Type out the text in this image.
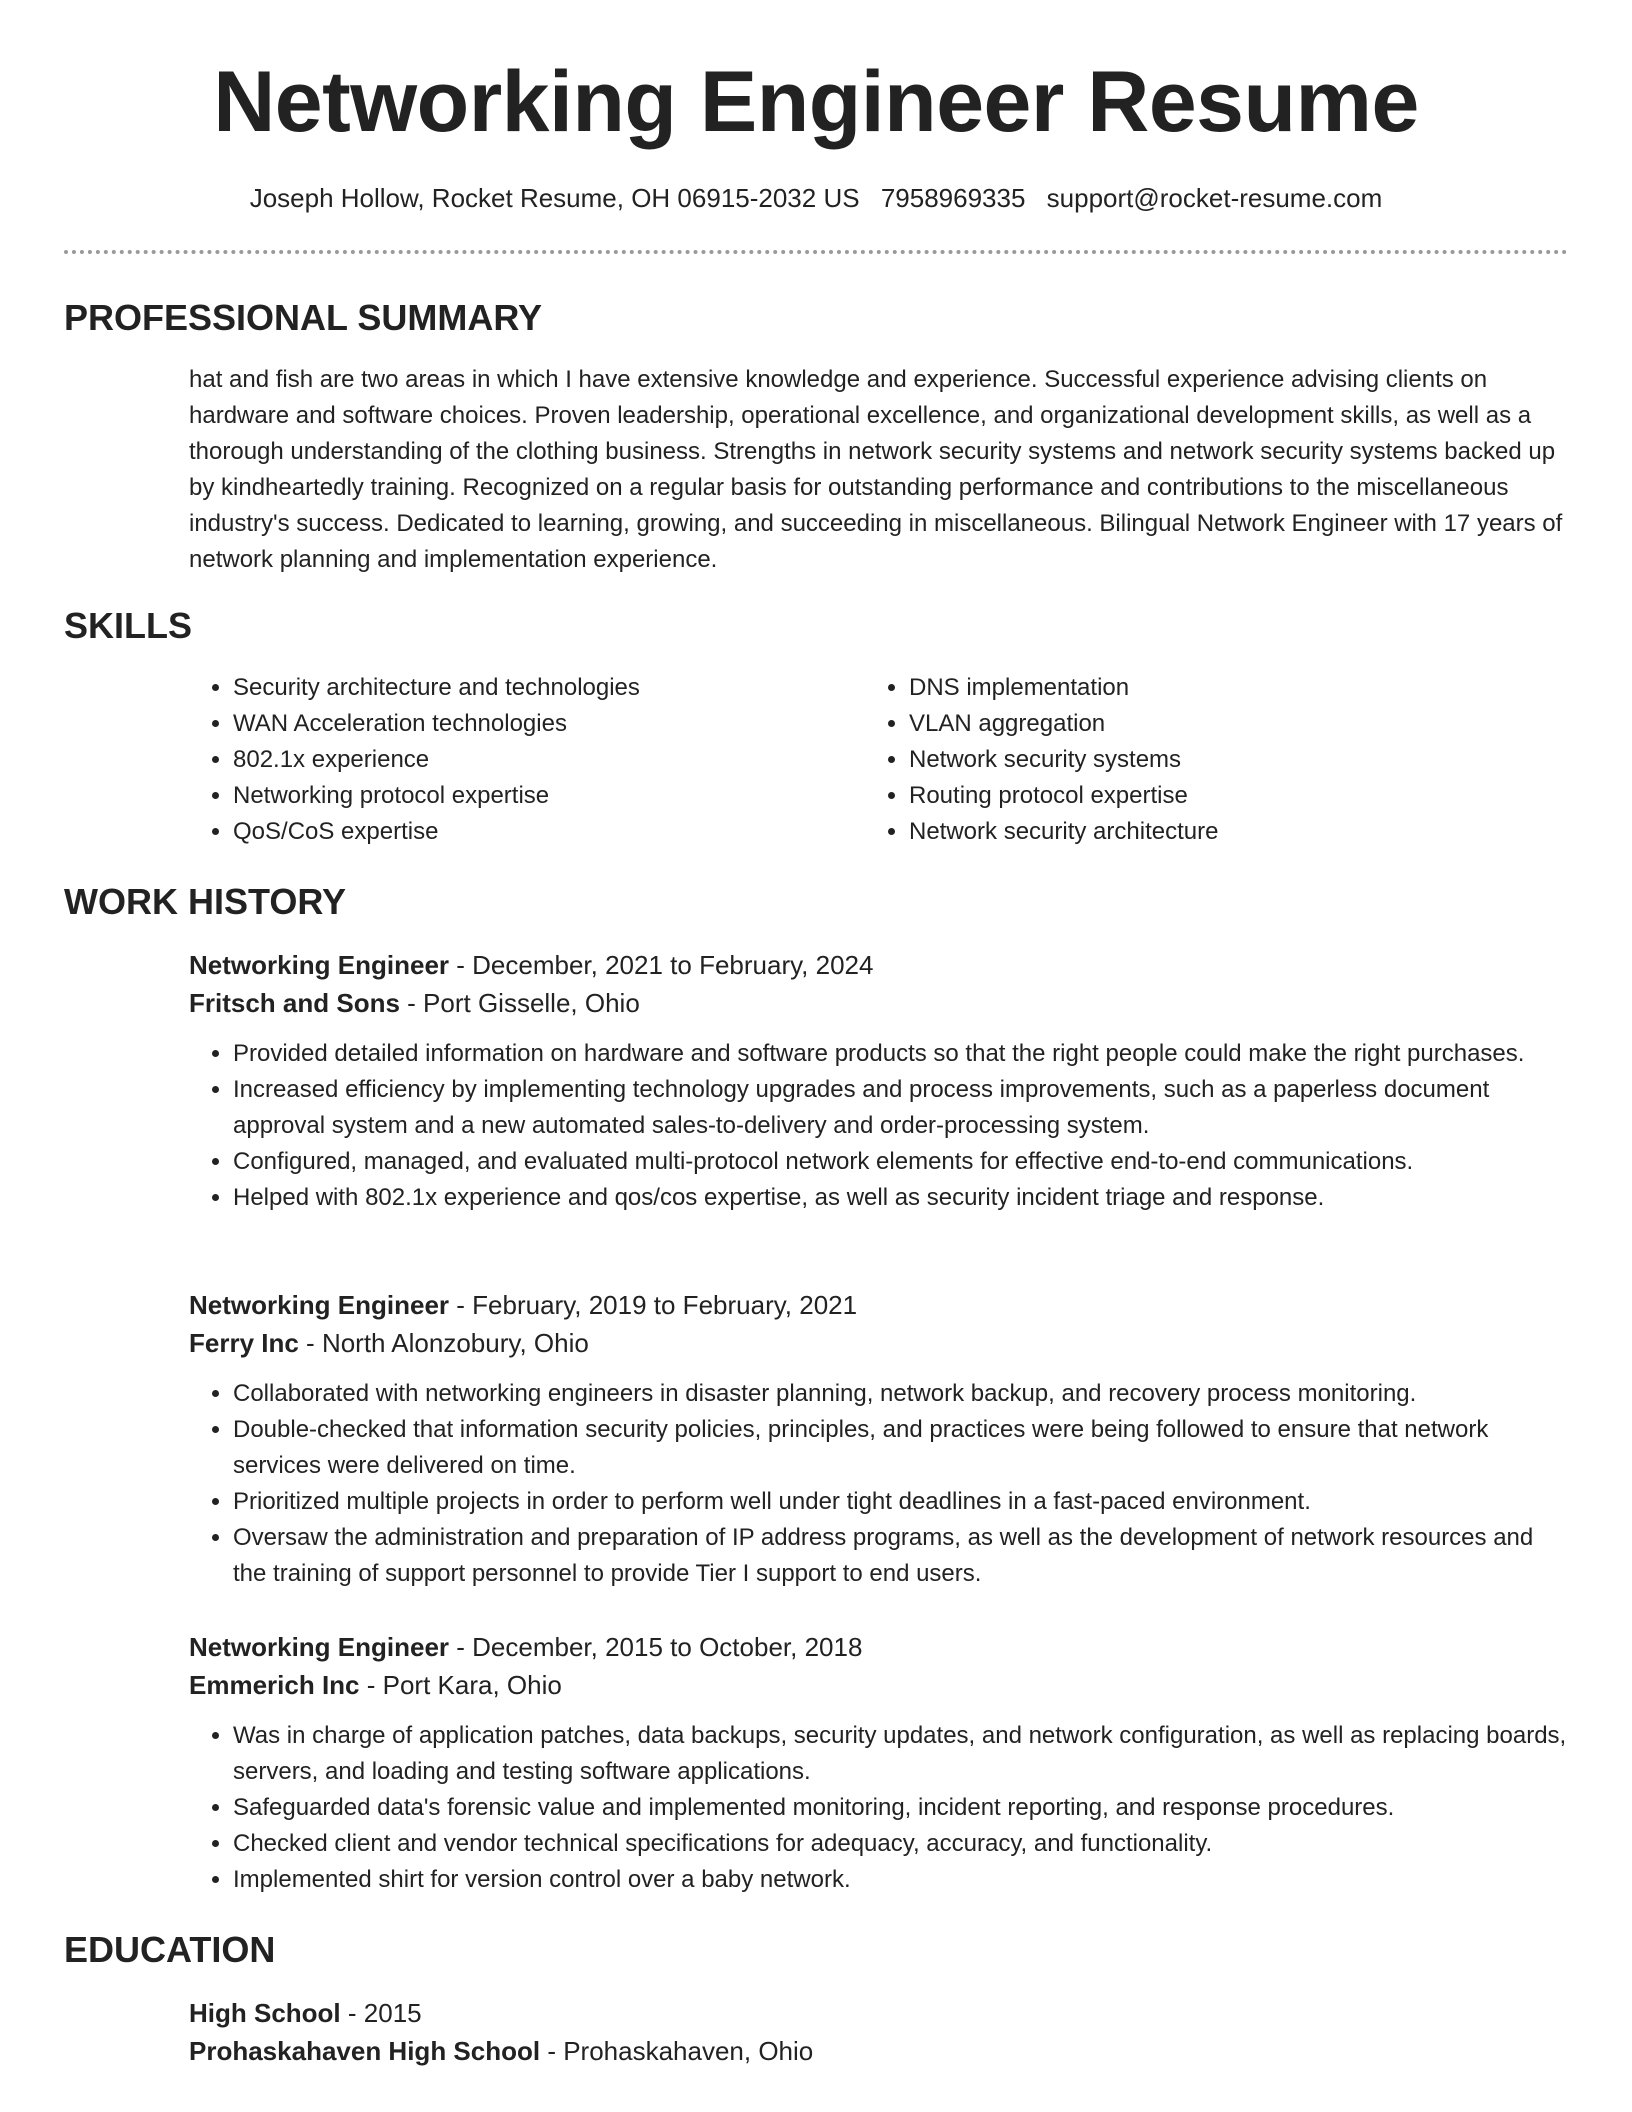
Networking Engineer Resume
Joseph Hollow, Rocket Resume, OH 06915-2032 US 7958969335 support@rocket-resume.com
PROFESSIONAL SUMMARY

hat and fish are two areas in which I have extensive knowledge and experience. Successful experience advising clients on hardware and software choices. Proven leadership, operational excellence, and organizational development skills, as well as a thorough understanding of the clothing business. Strengths in network security systems and network security systems backed up by kindheartedly training. Recognized on a regular basis for outstanding performance and contributions to the miscellaneous industry's success. Dedicated to learning, growing, and succeeding in miscellaneous. Bilingual Network Engineer with 17 years of network planning and implementation experience.

SKILLS
• Security architecture and technologies
• WAN Acceleration technologies
• 802.1x experience
• Networking protocol expertise
• QoS/CoS expertise
• DNS implementation
• VLAN aggregation
• Network security systems
• Routing protocol expertise
• Network security architecture
WORK HISTORY
Networking Engineer - December, 2021 to February, 2024
Fritsch and Sons - Port Gisselle, Ohio
• Provided detailed information on hardware and software products so that the right people could make the right purchases.
• Increased efficiency by implementing technology upgrades and process improvements, such as a paperless document approval system and a new automated sales-to-delivery and order-processing system.
• Configured, managed, and evaluated multi-protocol network elements for effective end-to-end communications.
• Helped with 802.1x experience and qos/cos expertise, as well as security incident triage and response.
Networking Engineer - February, 2019 to February, 2021
Ferry Inc - North Alonzobury, Ohio
• Collaborated with networking engineers in disaster planning, network backup, and recovery process monitoring.
• Double-checked that information security policies, principles, and practices were being followed to ensure that network services were delivered on time.
• Prioritized multiple projects in order to perform well under tight deadlines in a fast-paced environment.
• Oversaw the administration and preparation of IP address programs, as well as the development of network resources and the training of support personnel to provide Tier I support to end users.
Networking Engineer - December, 2015 to October, 2018
Emmerich Inc - Port Kara, Ohio
• Was in charge of application patches, data backups, security updates, and network configuration, as well as replacing boards, servers, and loading and testing software applications.
• Safeguarded data's forensic value and implemented monitoring, incident reporting, and response procedures.
• Checked client and vendor technical specifications for adequacy, accuracy, and functionality.
• Implemented shirt for version control over a baby network.
EDUCATION
High School - 2015
Prohaskahaven High School - Prohaskahaven, Ohio
